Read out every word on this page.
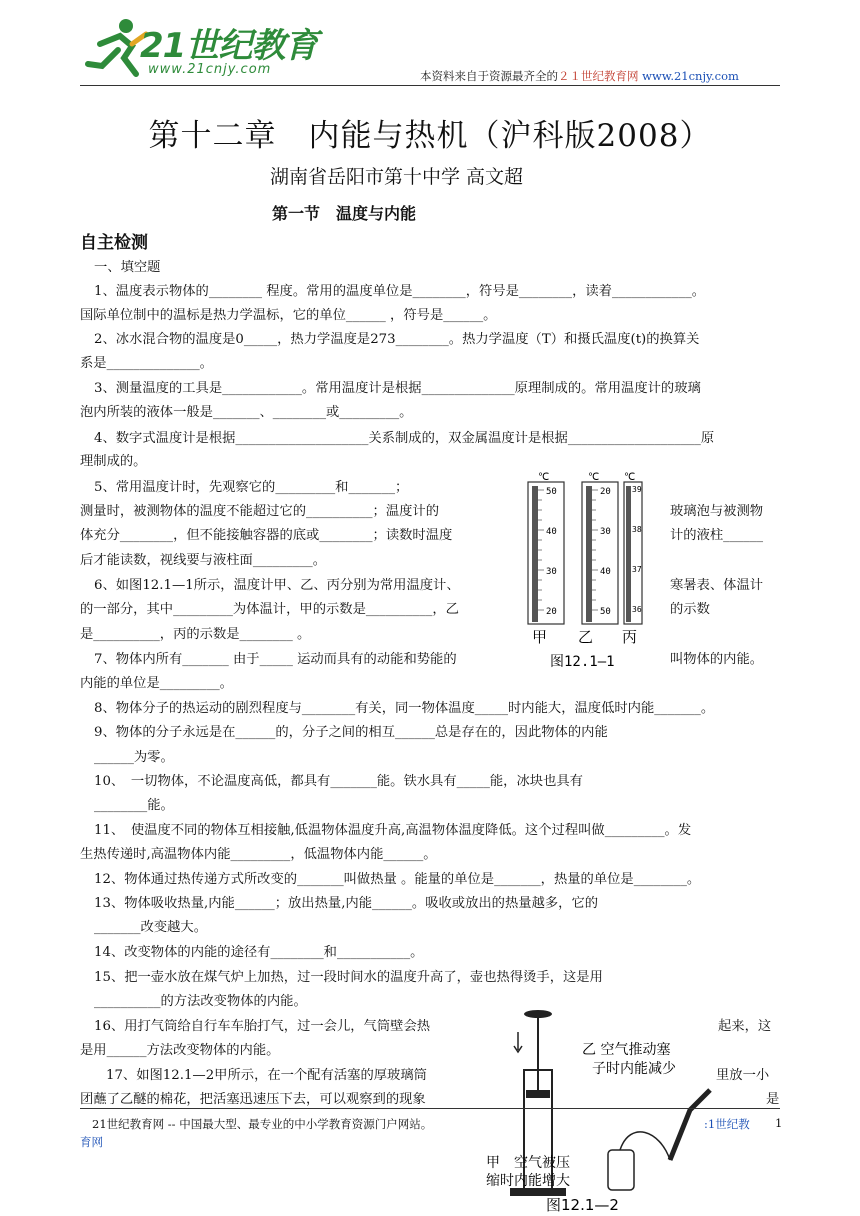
21世纪教育
www.21cnjy.com	本资料来自于资源最齐全的２１世纪教育网 www.21cnjy.com
第十二章　内能与热机（沪科版2008）
湖南省岳阳市第十中学 高文超
第一节　温度与内能
自主检测
一、填空题
1、温度表示物体的________ 程度。常用的温度单位是________，符号是________，读着____________。
国际单位制中的温标是热力学温标，它的单位______ ，符号是______。
2、冰水混合物的温度是0_____，热力学温度是273________。热力学温度（T）和摄氏温度(t)的换算关
系是______________。
3、测量温度的工具是____________。常用温度计是根据______________原理制成的。常用温度计的玻璃
泡内所装的液体一般是_______、________或_________。
4、数字式温度计是根据____________________关系制成的，双金属温度计是根据____________________原
理制成的。
5、常用温度计时，先观察它的_________和_______；
测量时，被测物体的温度不能超过它的__________；温度计的
体充分________，但不能接触容器的底或________；读数时温度
后才能读数，视线要与液柱面_________。
6、如图12.1—1所示，温度计甲、乙、丙分别为常用温度计、
的一部分，其中_________为体温计，甲的示数是__________，乙
是__________，丙的示数是________ 。
7、物体内所有_______ 由于_____ 运动而具有的动能和势能的
内能的单位是_________。
8、物体分子的热运动的剧烈程度与________有关，同一物体温度_____时内能大，温度低时内能_______。
9、物体的分子永远是在______的，分子之间的相互______总是存在的，因此物体的内能
______为零。
10、　一切物体，不论温度高低，都具有_______能。铁水具有_____能，冰块也具有
________能。
11、　使温度不同的物体互相接触,低温物体温度升高,高温物体温度降低。这个过程叫做_________。发
生热传递时,高温物体内能_________，低温物体内能______。
12、物体通过热传递方式所改变的_______叫做热量 。能量的单位是_______，热量的单位是________。
13、物体吸收热量,内能______；放出热量,内能______。吸收或放出的热量越多，它的
_______改变越大。
14、改变物体的内能的途径有________和___________。
15、把一壶水放在煤气炉上加热，过一段时间水的温度升高了，壶也热得烫手，这是用
__________的方法改变物体的内能。
16、用打气筒给自行车车胎打气，过一会儿，气筒壁会热
是用______方法改变物体的内能。
17、如图12.1—2甲所示，在一个配有活塞的厚玻璃筒
团蘸了乙醚的棉花，把活塞迅速压下去，可以观察到的现象
玻璃泡与被测物
计的液柱______
寒暑表、体温计
的示数
叫物体的内能。
起来，这
里放一小
是
℃	℃ ℃
50
40
30
20
20
30
40
50
39
38
37
36
甲 乙 丙
图12.1—1
乙 空气推动塞
子时内能减少
甲　空气被压
缩时内能增大
图12.1—2
21世纪教育网 -- 中国最大型、最专业的中小学教育资源门户网站。	:1世纪教 1
育网
